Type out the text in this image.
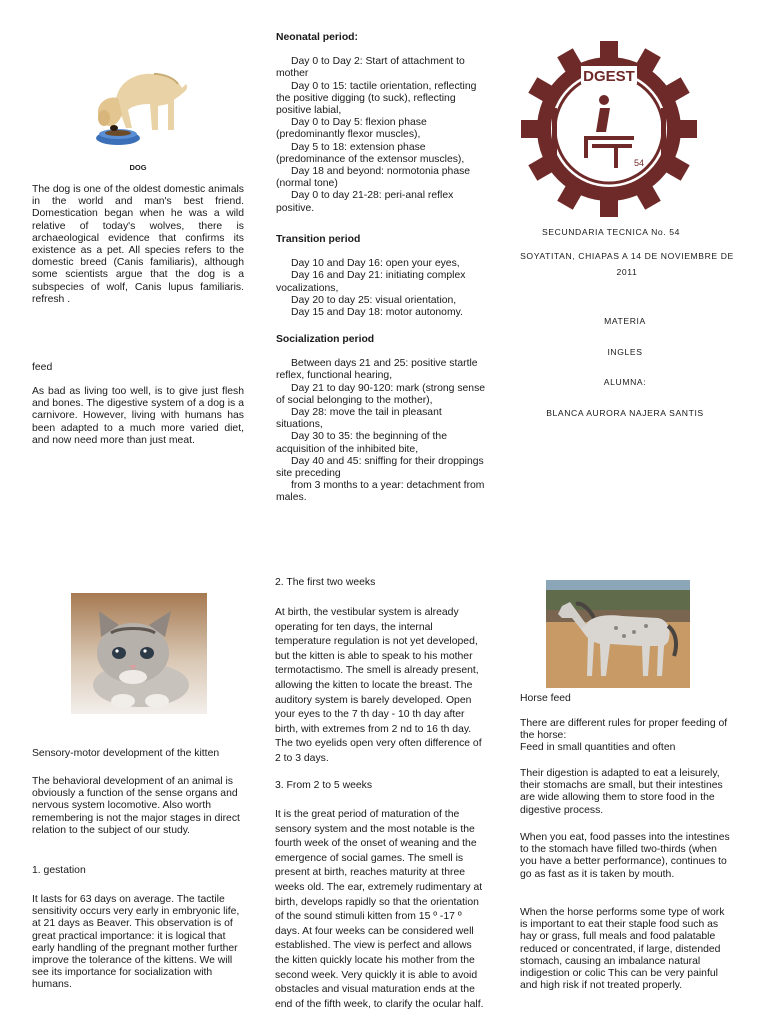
DOG
The dog is one of the oldest domestic animals in the world and man's best friend. Domestication began when he was a wild relative of today's wolves, there is archaeological evidence that confirms its existence as a pet. All species refers to the domestic breed (Canis familiaris), although some scientists argue that the dog is a subspecies of wolf, Canis lupus familiaris. refresh .
feed
As bad as living too well, is to give just flesh and bones. The digestive system of a dog is a carnivore. However, living with humans has been adapted to a much more varied diet, and now need more than just meat.

Neonatal period:

Day 0 to Day 2: Start of attachment to mother

Day 0 to 15: tactile orientation, reflecting the positive digging (to suck), reflecting positive labial,

Day 0 to Day 5: flexion phase (predominantly flexor muscles),

Day 5 to 18: extension phase (predominance of the extensor muscles),

Day 18 and beyond: normotonia phase (normal tone)

Day 0 to day 21-28: peri-anal reflex positive.

Transition period

Day 10 and Day 16: open your eyes,

Day 16 and Day 21: initiating complex vocalizations,

Day 20 to day 25: visual orientation,

Day 15 and Day 18: motor autonomy.

Socialization period

Between days 21 and 25: positive startle reflex, functional hearing,

Day 21 to day 90-120: mark (strong sense of social belonging to the mother),

Day 28: move the tail in pleasant situations,

Day 30 to 35: the beginning of the acquisition of the inhibited bite,

Day 40 and 45: sniffing for their droppings site preceding

from 3 months to a year: detachment from males.

DGEST
54
SECUNDARIA TECNICA No. 54
SOYATITAN, CHIAPAS A 14 DE NOVIEMBRE DE 2011
MATERIA
INGLES
ALUMNA:
BLANCA AURORA NAJERA SANTIS
Sensory-motor development of the kitten
The behavioral development of an animal is obviously a function of the sense organs and nervous system locomotive. Also worth remembering is not the major stages in direct relation to the subject of our study.
1. gestation
It lasts for 63 days on average. The tactile sensitivity occurs very early in embryonic life, at 21 days as Beaver. This observation is of great practical importance: it is logical that early handling of the pregnant mother further improve the tolerance of the kittens. We will see its importance for socialization with humans.
2. The first two weeks
At birth, the vestibular system is already operating for ten days, the internal temperature regulation is not yet developed, but the kitten is able to speak to his mother termotactismo. The smell is already present, allowing the kitten to locate the breast. The auditory system is barely developed. Open your eyes to the 7 th day - 10 th day after birth, with extremes from 2 nd to 16 th day. The two eyelids open very often difference of 2 to 3 days.
3. From 2 to 5 weeks
It is the great period of maturation of the sensory system and the most notable is the fourth week of the onset of weaning and the emergence of social games. The smell is present at birth, reaches maturity at three weeks old. The ear, extremely rudimentary at birth, develops rapidly so that the orientation of the sound stimuli kitten from 15 º -17 º days. At four weeks can be considered well established. The view is perfect and allows the kitten quickly locate his mother from the second week. Very quickly it is able to avoid obstacles and visual maturation ends at the end of the fifth week, to clarify the ocular half.
Horse feed
There are different rules for proper feeding of the horse:
Feed in small quantities and often
Their digestion is adapted to eat a leisurely, their stomachs are small, but their intestines are wide allowing them to store food in the digestive process.
When you eat, food passes into the intestines to the stomach have filled two-thirds (when you have a better performance), continues to go as fast as it is taken by mouth.
When the horse performs some type of work is important to eat their staple food such as hay or grass, full meals and food palatable reduced or concentrated, if large, distended stomach, causing an imbalance natural indigestion or colic This can be very painful and high risk if not treated properly.
